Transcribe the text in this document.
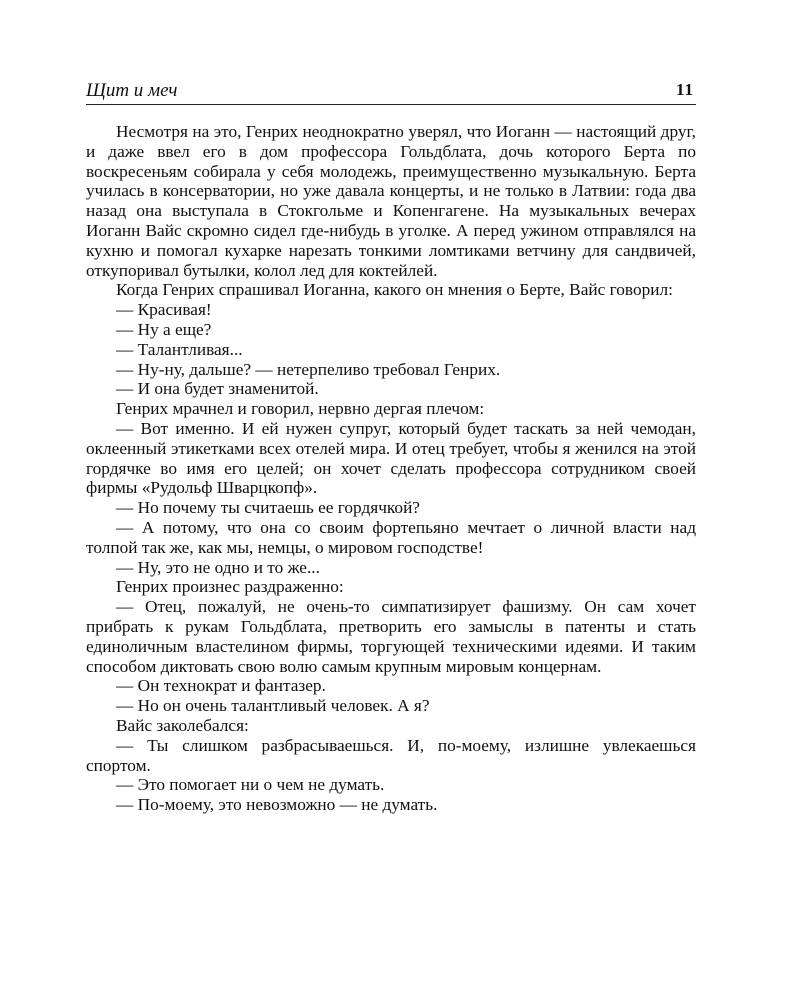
Щит и меч	11

Несмотря на это, Генрих неоднократно уверял, что Иоганн — настоящий друг, и даже ввел его в дом профессора Гольдблата, дочь которого Берта по воскресеньям собирала у себя молодежь, преимущественно музыкальную. Берта училась в консерватории, но уже давала концерты, и не только в Латвии: года два назад она выступала в Стокгольме и Копенгагене. На музыкальных вечерах Иоганн Вайс скромно сидел где-нибудь в уголке. А перед ужином отправлялся на кухню и помогал кухарке нарезать тонкими ломтиками ветчину для сандвичей, откупоривал бутылки, колол лед для коктейлей.

Когда Генрих спрашивал Иоганна, какого он мнения о Берте, Вайс говорил:

— Красивая!

— Ну а еще?

— Талантливая...

— Ну-ну, дальше? — нетерпеливо требовал Генрих.

— И она будет знаменитой.

Генрих мрачнел и говорил, нервно дергая плечом:

— Вот именно. И ей нужен супруг, который будет таскать за ней чемодан, оклеенный этикетками всех отелей мира. И отец требует, чтобы я женился на этой гордячке во имя его целей; он хочет сделать профессора сотрудником своей фирмы «Рудольф Шварцкопф».

— Но почему ты считаешь ее гордячкой?

— А потому, что она со своим фортепьяно мечтает о личной власти над толпой так же, как мы, немцы, о мировом господстве!

— Ну, это не одно и то же...

Генрих произнес раздраженно:

— Отец, пожалуй, не очень-то симпатизирует фашизму. Он сам хочет прибрать к рукам Гольдблата, претворить его замыслы в патенты и стать единоличным властелином фирмы, торгующей техническими идеями. И таким способом диктовать свою волю самым крупным мировым концернам.

— Он технократ и фантазер.

— Но он очень талантливый человек. А я?

Вайс заколебался:

— Ты слишком разбрасываешься. И, по-моему, излишне увлекаешься спортом.

— Это помогает ни о чем не думать.

— По-моему, это невозможно — не думать.
